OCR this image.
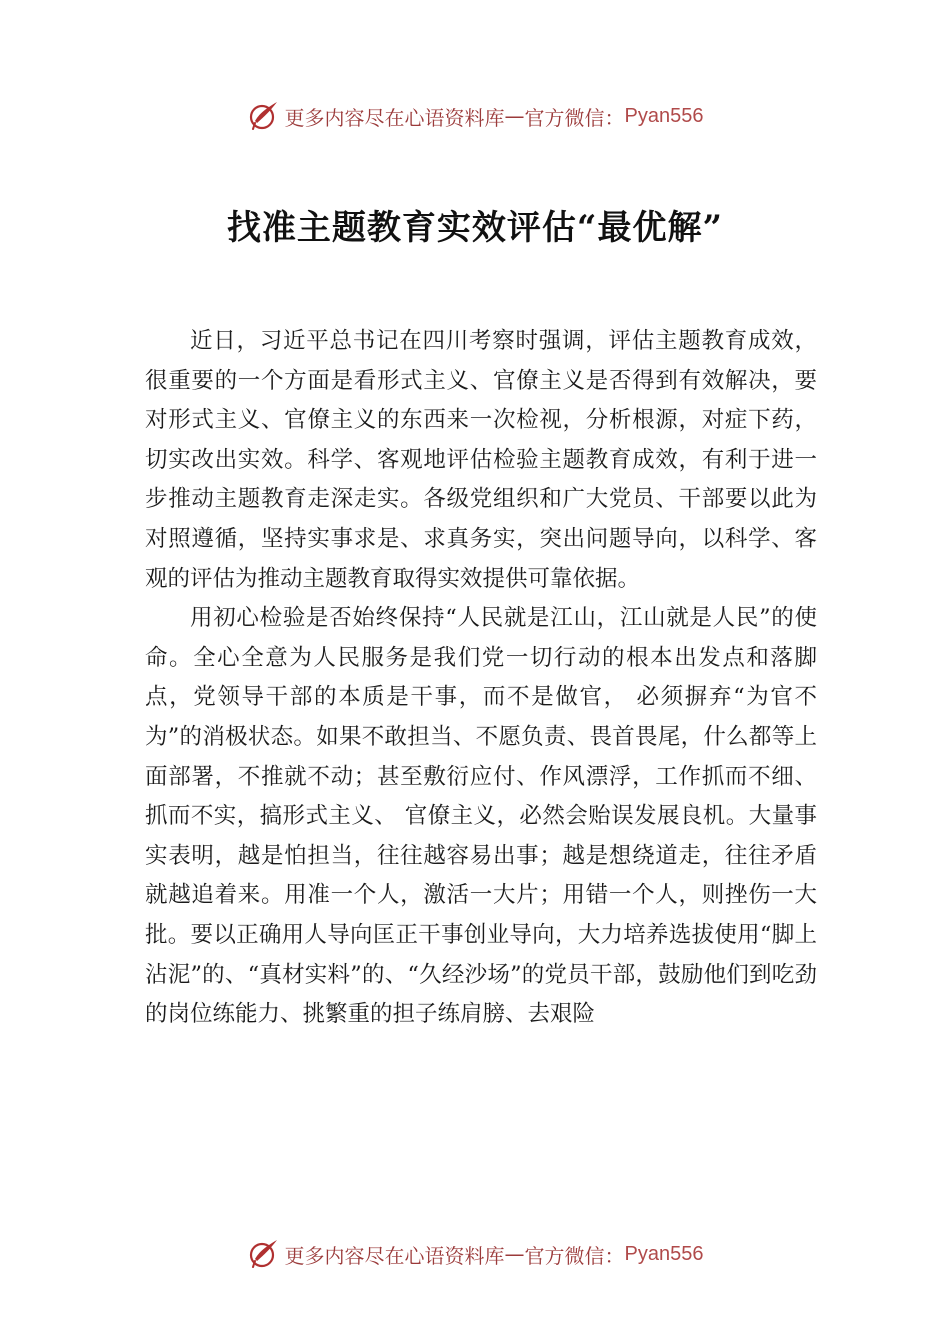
更多内容尽在心语资料库 — 官方微信： Pyan556
找准主题教育实效评估“最优解”

近日，习近平总书记在四川考察时强调，评估主题教育成效，很重要的一个方面是看形式主义、官僚主义是否得到有效解决，要对形式主义、官僚主义的东西来一次检视，分析根源，对症下药，切实改出实效。科学、客观地评估检验主题教育成效，有利于进一步推动主题教育走深走实。各级党组织和广大党员、干部要以此为对照遵循，坚持实事求是、求真务实，突出问题导向，以科学、客观的评估为推动主题教育取得实效提供可靠依据。

用初心检验是否始终保持“人民就是江山，江山就是人民”的使命。全心全意为人民服务是我们党一切行动的根本出发点和落脚点，党领导干部的本质是干事，而不是做官， 必须摒弃“为官不为”的消极状态。如果不敢担当、不愿负责、畏首畏尾，什么都等上面部署，不推就不动；甚至敷衍应付、作风漂浮，工作抓而不细、抓而不实，搞形式主义、 官僚主义，必然会贻误发展良机。大量事实表明，越是怕担当，往往越容易出事；越是想绕道走，往往矛盾就越追着来。用准一个人，激活一大片；用错一个人，则挫伤一大批。要以正确用人导向匡正干事创业导向，大力培养选拔使用“脚上沾泥”的、“真材实料”的、“久经沙场”的党员干部，鼓励他们到吃劲的岗位练能力、挑繁重的担子练肩膀、去艰险

更多内容尽在心语资料库 — 官方微信： Pyan556
